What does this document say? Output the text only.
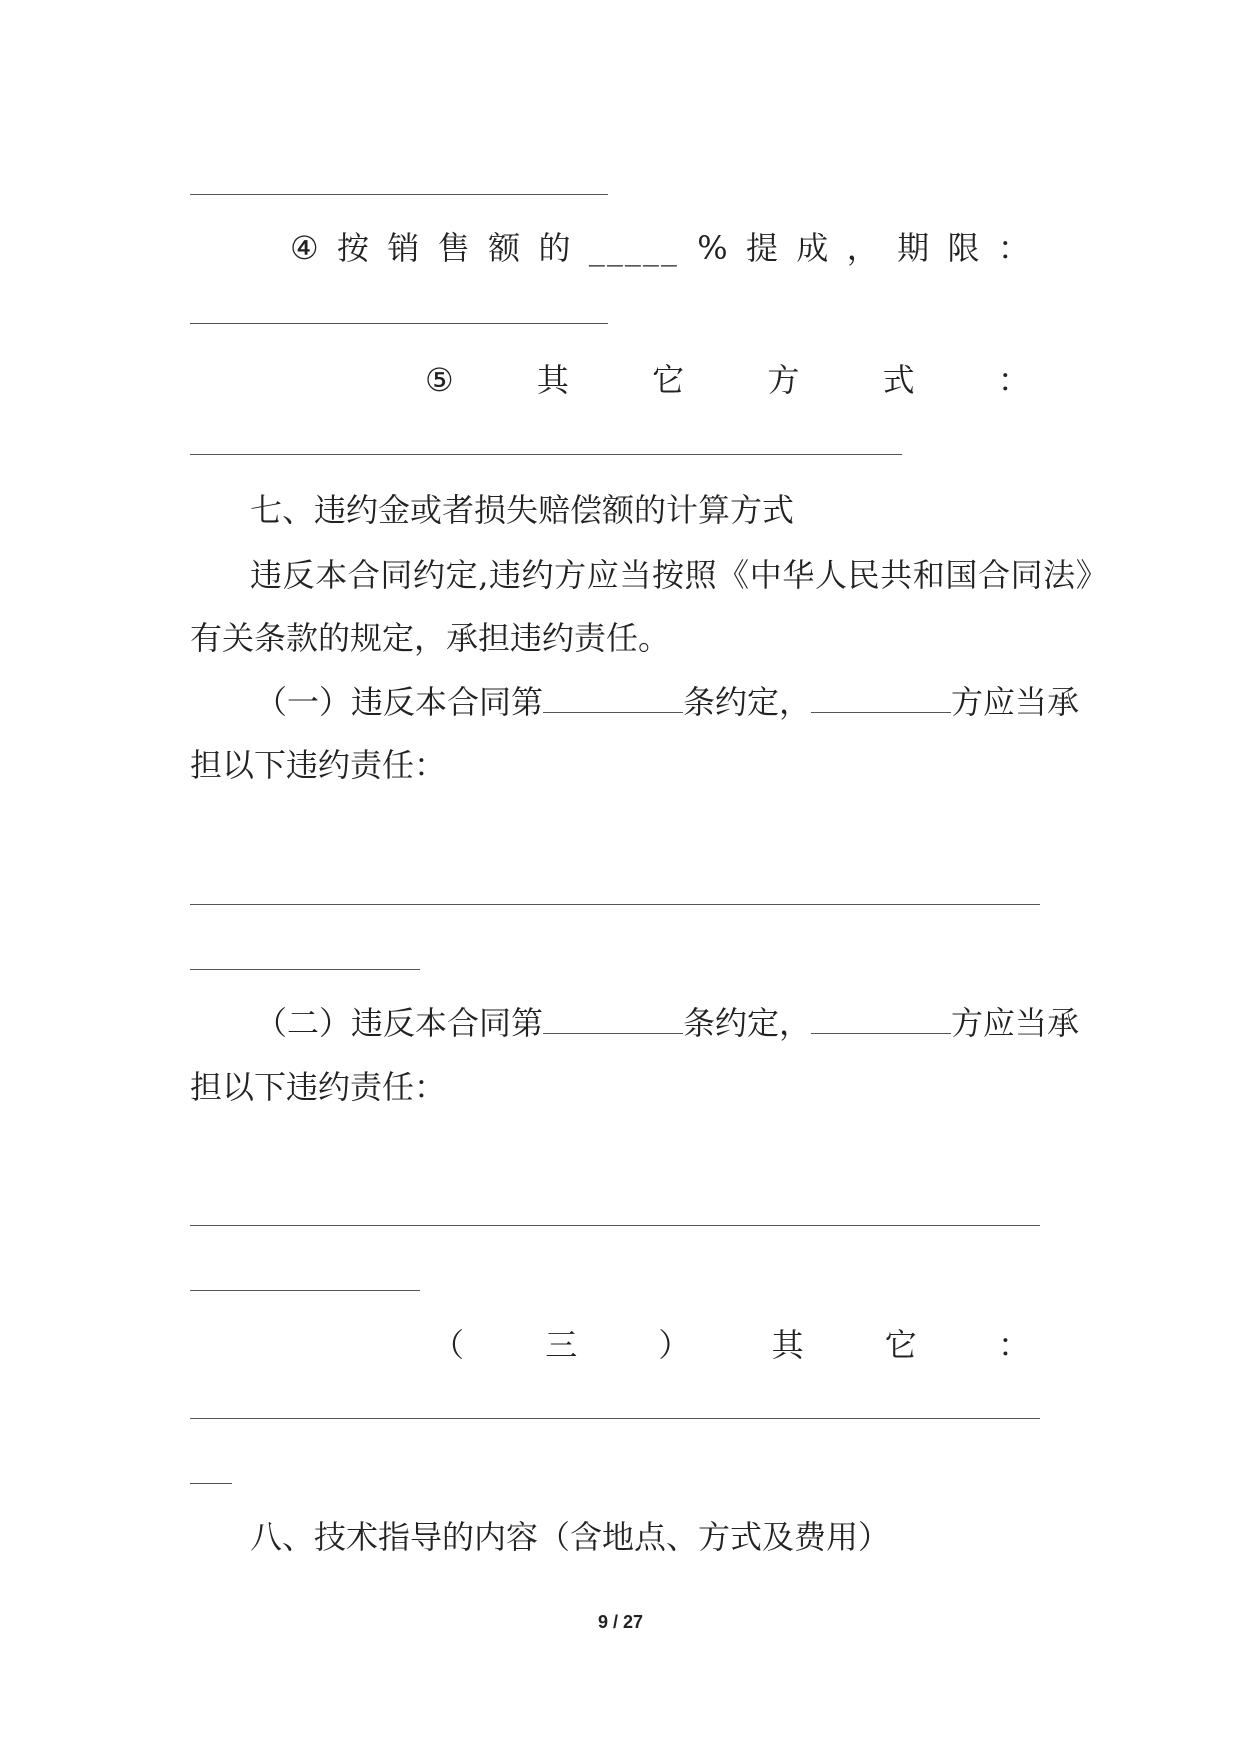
④ 按 销 售 额 的 _____ % 提 成 ， 期 限 ：
⑤	其	它	方	式	：
七、违约金或者损失赔偿额的计算方式
违反本合同约定,违约方应当按照《中华人民共和国合同法》
有关条款的规定，承担违约责任。
（一）违反本合同第	条约定，	方应当承
担以下违约责任：
（二）违反本合同第	条约定，	方应当承
担以下违约责任：
（	三	）	其	它	：
八、技术指导的内容（含地点、方式及费用）
9 / 27
